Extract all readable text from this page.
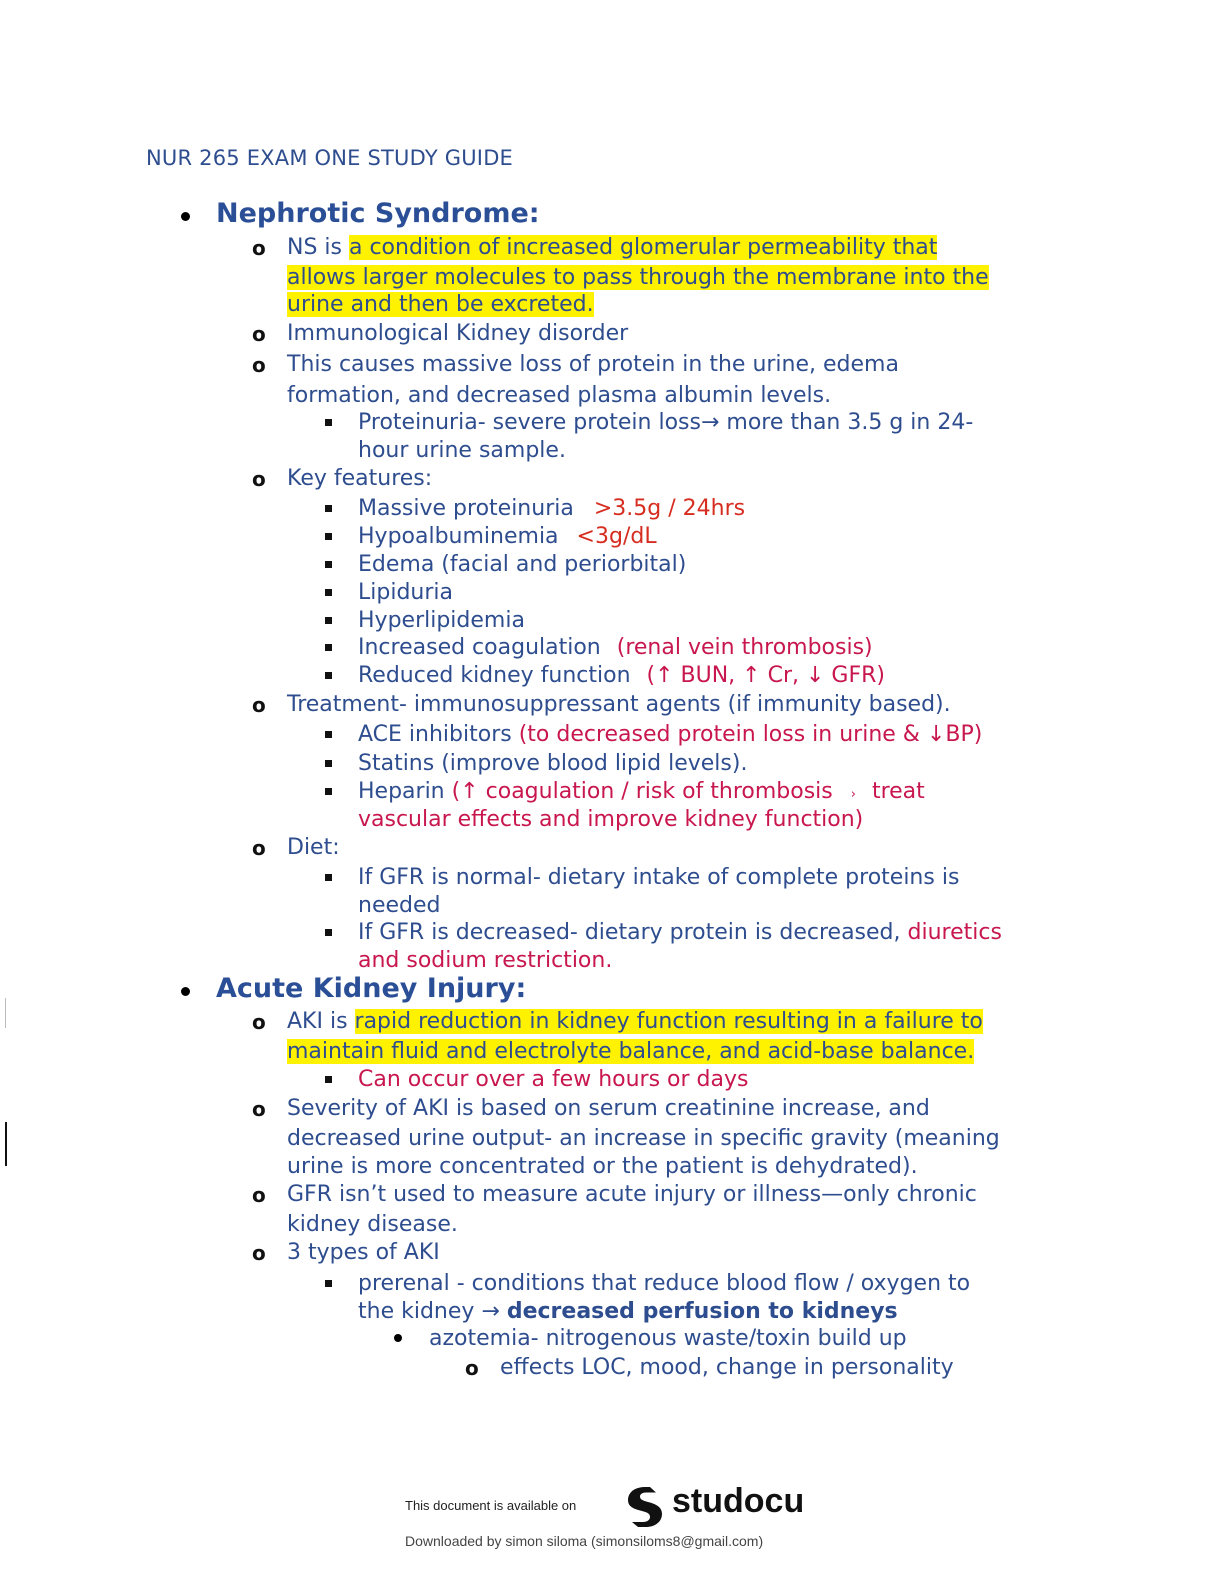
NUR 265 EXAM ONE STUDY GUIDE
Nephrotic Syndrome:
o NS is a condition of increased glomerular permeability that
allows larger molecules to pass through the membrane into the
urine and then be excreted.
o Immunological Kidney disorder
o This causes massive loss of protein in the urine, edema
formation, and decreased plasma albumin levels.
Proteinuria- severe protein loss→ more than 3.5 g in 24-
hour urine sample.
o Key features:
Massive proteinuria >3.5g / 24hrs
Hypoalbuminemia <3g/dL
Edema (facial and periorbital)
Lipiduria
Hyperlipidemia
Increased coagulation (renal vein thrombosis)
Reduced kidney function (↑ BUN, ↑ Cr, ↓ GFR)
o Treatment- immunosuppressant agents (if immunity based).
ACE inhibitors (to decreased protein loss in urine & ↓BP)
Statins (improve blood lipid levels).
Heparin (↑ coagulation / risk of thrombosis › treat
vascular effects and improve kidney function)
o Diet:
If GFR is normal- dietary intake of complete proteins is
needed
If GFR is decreased- dietary protein is decreased, diuretics
and sodium restriction.
Acute Kidney Injury:
o AKI is rapid reduction in kidney function resulting in a failure to
maintain fluid and electrolyte balance, and acid-base balance.
Can occur over a few hours or days
o Severity of AKI is based on serum creatinine increase, and
decreased urine output- an increase in specific gravity (meaning
urine is more concentrated or the patient is dehydrated).
o GFR isn’t used to measure acute injury or illness—only chronic
kidney disease.
o 3 types of AKI
prerenal - conditions that reduce blood flow / oxygen to
the kidney → decreased perfusion to kidneys
azotemia- nitrogenous waste/toxin build up
o effects LOC, mood, change in personality
This document is available on	studocu
Downloaded by simon siloma (simonsiloms8@gmail.com)
